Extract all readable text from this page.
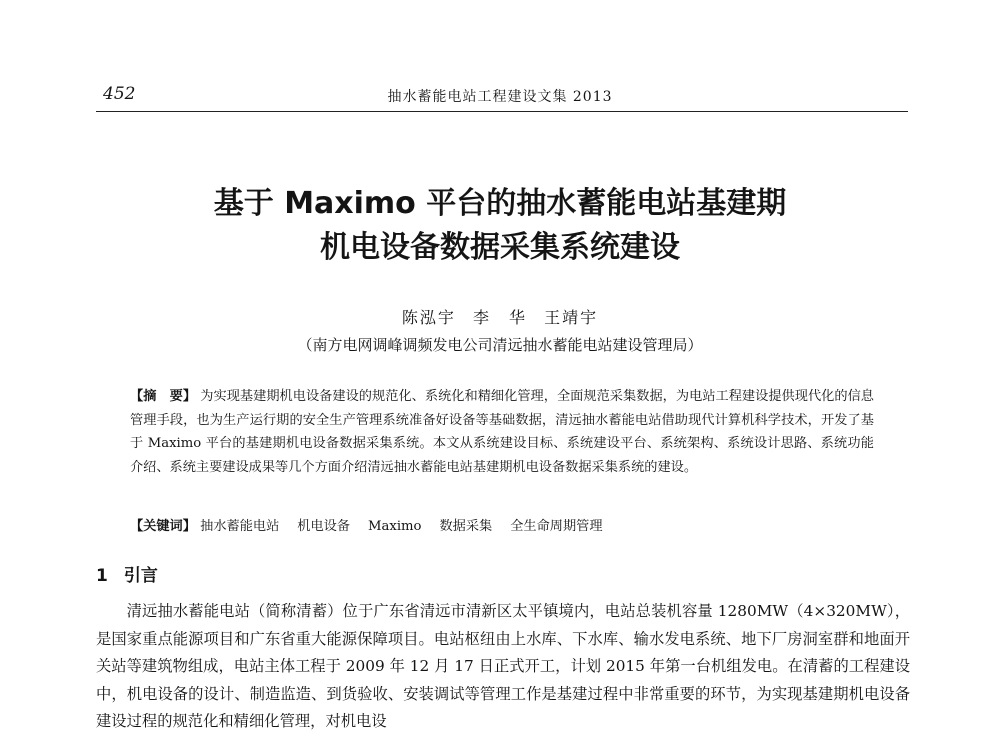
452	抽水蓄能电站工程建设文集 2013
基于 Maximo 平台的抽水蓄能电站基建期
机电设备数据采集系统建设
陈泓宇 李　华 王靖宇
（南方电网调峰调频发电公司清远抽水蓄能电站建设管理局）
【摘　要】 为实现基建期机电设备建设的规范化、系统化和精细化管理，全面规范采集数据，为电站工程建设提供现代化的信息管理手段，也为生产运行期的安全生产管理系统准备好设备等基础数据，清远抽水蓄能电站借助现代计算机科学技术，开发了基于 Maximo 平台的基建期机电设备数据采集系统。本文从系统建设目标、系统建设平台、系统架构、系统设计思路、系统功能介绍、系统主要建设成果等几个方面介绍清远抽水蓄能电站基建期机电设备数据采集系统的建设。
【关键词】 抽水蓄能电站 机电设备 Maximo 数据采集 全生命周期管理
1 引言
清远抽水蓄能电站（简称清蓄）位于广东省清远市清新区太平镇境内，电站总装机容量 1280MW（4×320MW），是国家重点能源项目和广东省重大能源保障项目。电站枢纽由上水库、下水库、输水发电系统、地下厂房洞室群和地面开关站等建筑物组成，电站主体工程于 2009 年 12 月 17 日正式开工，计划 2015 年第一台机组发电。在清蓄的工程建设中，机电设备的设计、制造监造、到货验收、安装调试等管理工作是基建过程中非常重要的环节，为实现基建期机电设备建设过程的规范化和精细化管理，对机电设
